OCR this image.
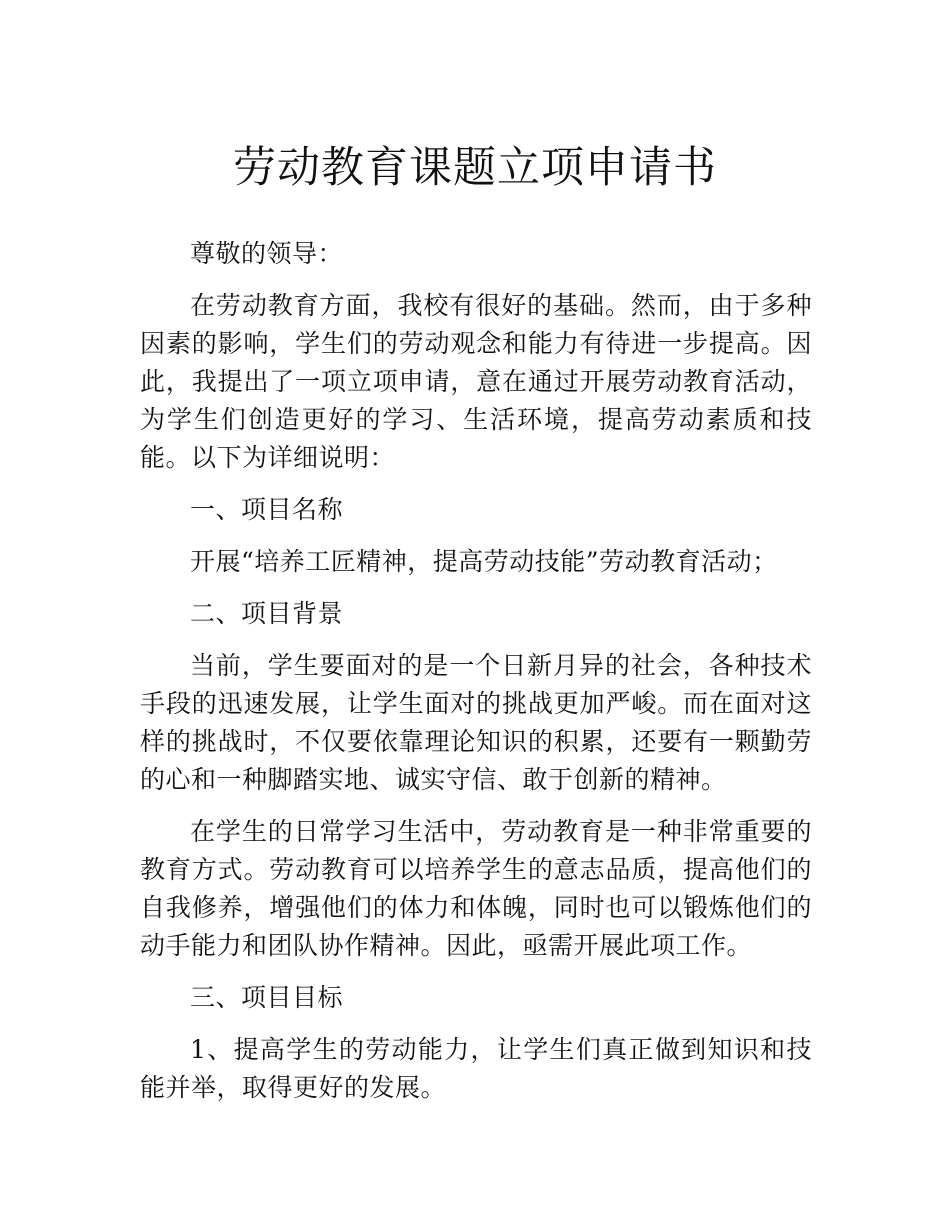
劳动教育课题立项申请书

尊敬的领导：

在劳动教育方面，我校有很好的基础。然而，由于多种因素的影响，学生们的劳动观念和能力有待进一步提高。因此，我提出了一项立项申请，意在通过开展劳动教育活动，为学生们创造更好的学习、生活环境，提高劳动素质和技能。以下为详细说明：

一、项目名称

开展“培养工匠精神，提高劳动技能”劳动教育活动；

二、项目背景

当前，学生要面对的是一个日新月异的社会，各种技术手段的迅速发展，让学生面对的挑战更加严峻。而在面对这样的挑战时，不仅要依靠理论知识的积累，还要有一颗勤劳的心和一种脚踏实地、诚实守信、敢于创新的精神。

在学生的日常学习生活中，劳动教育是一种非常重要的教育方式。劳动教育可以培养学生的意志品质，提高他们的自我修养，增强他们的体力和体魄，同时也可以锻炼他们的动手能力和团队协作精神。因此，亟需开展此项工作。

三、项目目标

1、提高学生的劳动能力，让学生们真正做到知识和技能并举，取得更好的发展。
